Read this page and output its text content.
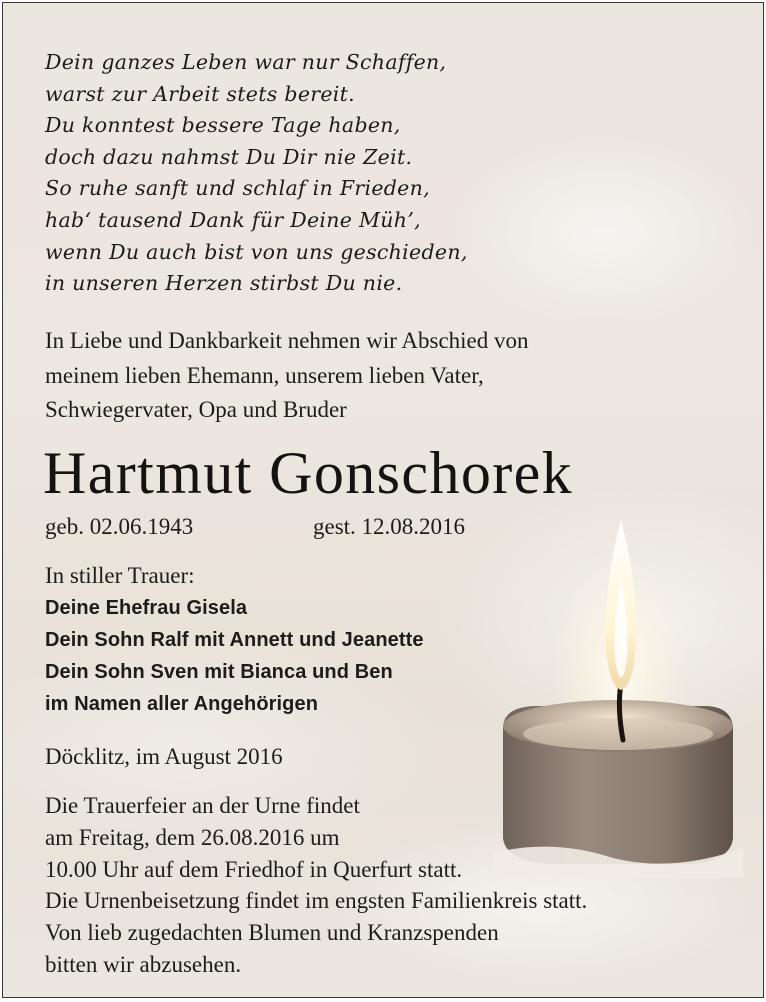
Dein ganzes Leben war nur Schaffen,
warst zur Arbeit stets bereit.
Du konntest bessere Tage haben,
doch dazu nahmst Du Dir nie Zeit.
So ruhe sanft und schlaf in Frieden,
hab‘ tausend Dank für Deine Müh’,
wenn Du auch bist von uns geschieden,
in unseren Herzen stirbst Du nie.
In Liebe und Dankbarkeit nehmen wir Abschied von
meinem lieben Ehemann, unserem lieben Vater,
Schwiegervater, Opa und Bruder
Hartmut Gonschorek
geb. 02.06.1943	gest. 12.08.2016
In stiller Trauer:
Deine Ehefrau Gisela
Dein Sohn Ralf mit Annett und Jeanette
Dein Sohn Sven mit Bianca und Ben
im Namen aller Angehörigen
Döcklitz, im August 2016
Die Trauerfeier an der Urne findet
am Freitag, dem 26.08.2016 um
10.00 Uhr auf dem Friedhof in Querfurt statt.
Die Urnenbeisetzung findet im engsten Familienkreis statt.
Von lieb zugedachten Blumen und Kranzspenden
bitten wir abzusehen.
